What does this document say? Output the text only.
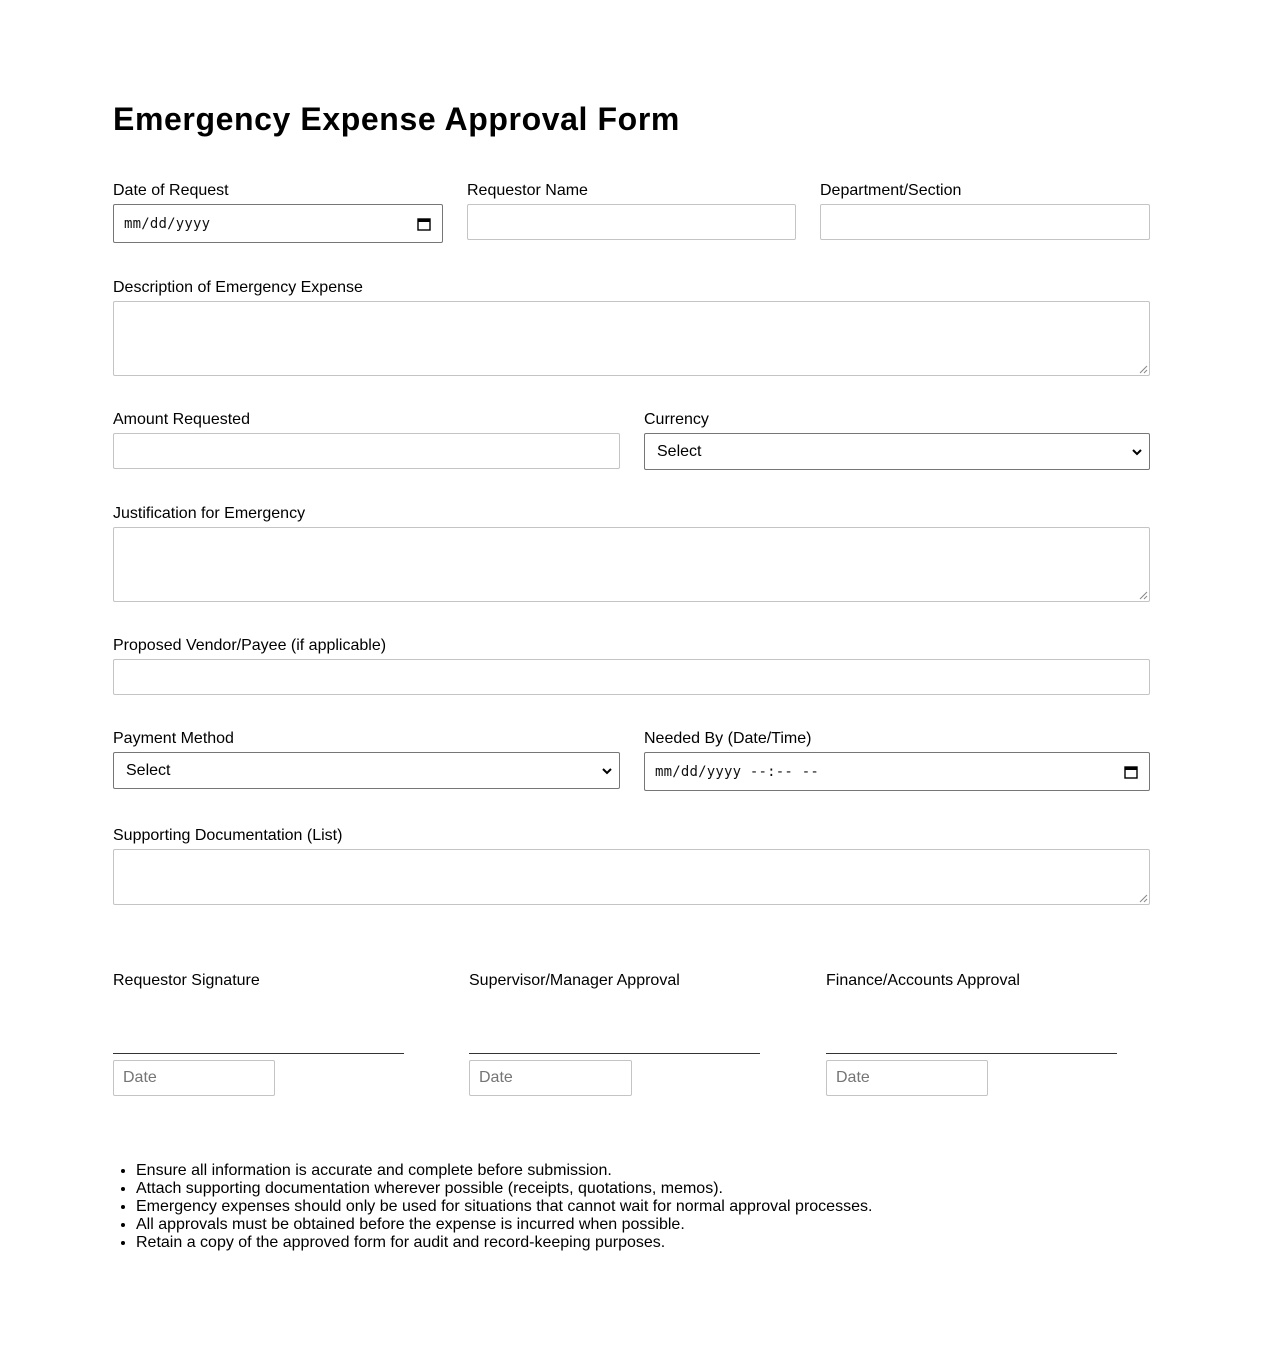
Emergency Expense Approval Form
Date of Request
mm/dd/yyyy
Requestor Name	Department/Section
Description of Emergency Expense
Amount Requested	Currency
Select
Justification for Emergency
Proposed Vendor/Payee (if applicable)
Payment Method
Select
Needed By (Date/Time)
mm/dd/yyyy --:-- --
Supporting Documentation (List)
Requestor Signature
Date
Supervisor/Manager Approval
Date
Finance/Accounts Approval
Date
• Ensure all information is accurate and complete before submission.
• Attach supporting documentation wherever possible (receipts, quotations, memos).
• Emergency expenses should only be used for situations that cannot wait for normal approval processes.
• All approvals must be obtained before the expense is incurred when possible.
• Retain a copy of the approved form for audit and record-keeping purposes.
